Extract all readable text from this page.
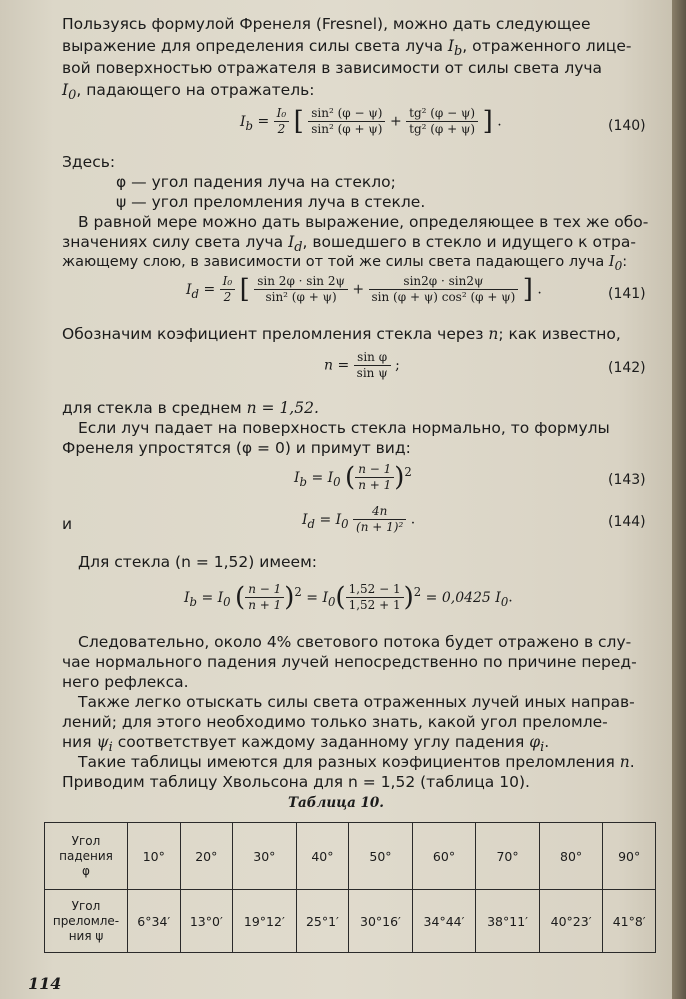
Пользуясь формулой Френеля (Fresnel), можно дать следующее
выражение для определения силы света луча $I_b$, отраженного лице-
вой поверхностью отражателя в зависимости от силы света луча
$I_0$, падающего на отражатель:
$I_b = \frac{\text{I₀}}{2}$ [ $\frac{\text{sin² (φ − ψ)}}{\text{sin² (φ + ψ)}} + \frac{\text{tg² (φ − ψ)}}{\text{tg² (φ + ψ)}}$ ] .	(140)
Здесь:
φ — угол падения луча на стекло;
ψ — угол преломления луча в стекле.
В равной мере можно дать выражение, определяющее в тех же обо-
значениях силу света луча $I_d$, вошедшего в стекло и идущего к отра-
жающему слою, в зависимости от той же силы света падающего луча $I_0$:
$I_d = \frac{\text{I₀}}{2}$ [ $\frac{\sin 2\varphi \cdot \sin 2\psi}{\text{sin² (φ + ψ)}} + \frac{\sin 2\varphi \cdot \sin 2\psi}{\text{sin (φ + ψ) cos² (φ + ψ)}}$ ] .	(141)
Обозначим коэфициент преломления стекла через n; как известно,
$n = \frac{\text{sin φ}}{\text{sin ψ}}$ ;	(142)
для стекла в среднем n = 1,52.
Если луч падает на поверхность стекла нормально, то формулы
Френеля упростятся (φ = 0) и примут вид:
$I_b = I_0$ ( $\frac{n - 1}{n + 1} )^2$
(143)
и	$I_d = I_0 \frac{4n}{\text{(n + 1)²}}$ .	(144)
Для стекла (n = 1,52) имеем:
$I_b = I_0$ ( $\frac{n - 1}{n + 1} )^2 = I_0( \frac{1,52 - 1}{1,52 + 1} )^2 = 0,0425$ $I_0$.
Следовательно, около 4% светового потока будет отражено в слу-
чае нормального падения лучей непосредственно по причине перед-
него рефлекса.
Также легко отыскать силы света отраженных лучей иных направ-
лений; для этого необходимо только знать, какой угол преломле-
ния $\psi_i$ соответствует каждому заданному углу падения $\varphi_i$.
Такие таблицы имеются для разных коэфициентов преломления n.
Приводим таблицу Хвольсона для n = 1,52 (таблица 10).
Таблица 10.
Угол
падения
φ	10°	20°	30°	40°	50°	60°	70°	80°	90°

Угол
преломле-
ния ψ	6°34′	13°0′	19°12′	25°1′	30°16′	34°44′	38°11′	40°23′	41°8′
114
